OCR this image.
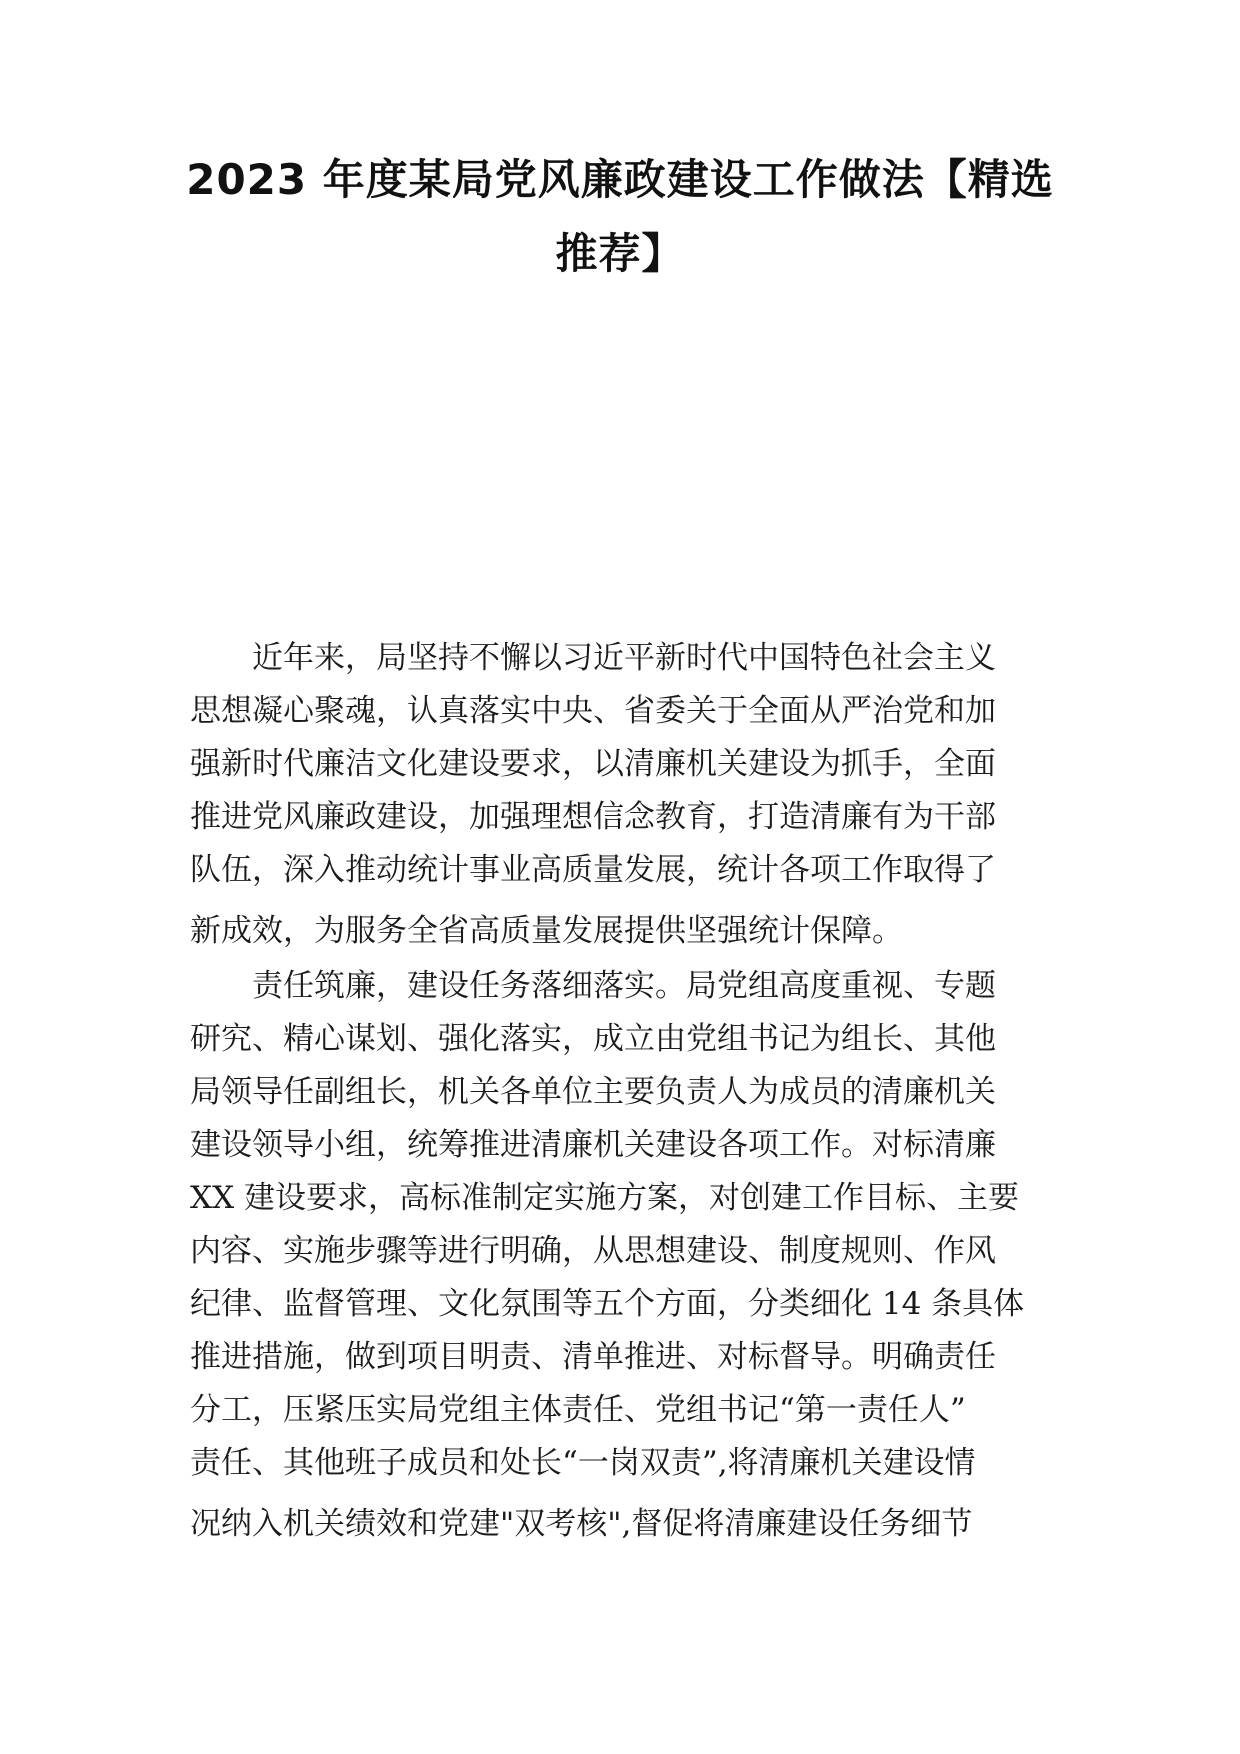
2023 年度某局党风廉政建设工作做法【精选
推荐】
近年来，局坚持不懈以习近平新时代中国特色社会主义
思想凝心聚魂，认真落实中央、省委关于全面从严治党和加
强新时代廉洁文化建设要求，以清廉机关建设为抓手，全面
推进党风廉政建设，加强理想信念教育，打造清廉有为干部
队伍，深入推动统计事业高质量发展，统计各项工作取得了
新成效，为服务全省高质量发展提供坚强统计保障。
责任筑廉，建设任务落细落实。局党组高度重视、专题
研究、精心谋划、强化落实，成立由党组书记为组长、其他
局领导任副组长，机关各单位主要负责人为成员的清廉机关
建设领导小组，统筹推进清廉机关建设各项工作。对标清廉
XX 建设要求，高标准制定实施方案，对创建工作目标、主要
内容、实施步骤等进行明确，从思想建设、制度规则、作风
纪律、监督管理、文化氛围等五个方面，分类细化 14 条具体
推进措施，做到项目明责、清单推进、对标督导。明确责任
分工，压紧压实局党组主体责任、党组书记“第一责任人”
责任、其他班子成员和处长“一岗双责”,将清廉机关建设情
况纳入机关绩效和党建"双考核",督促将清廉建设任务细节
